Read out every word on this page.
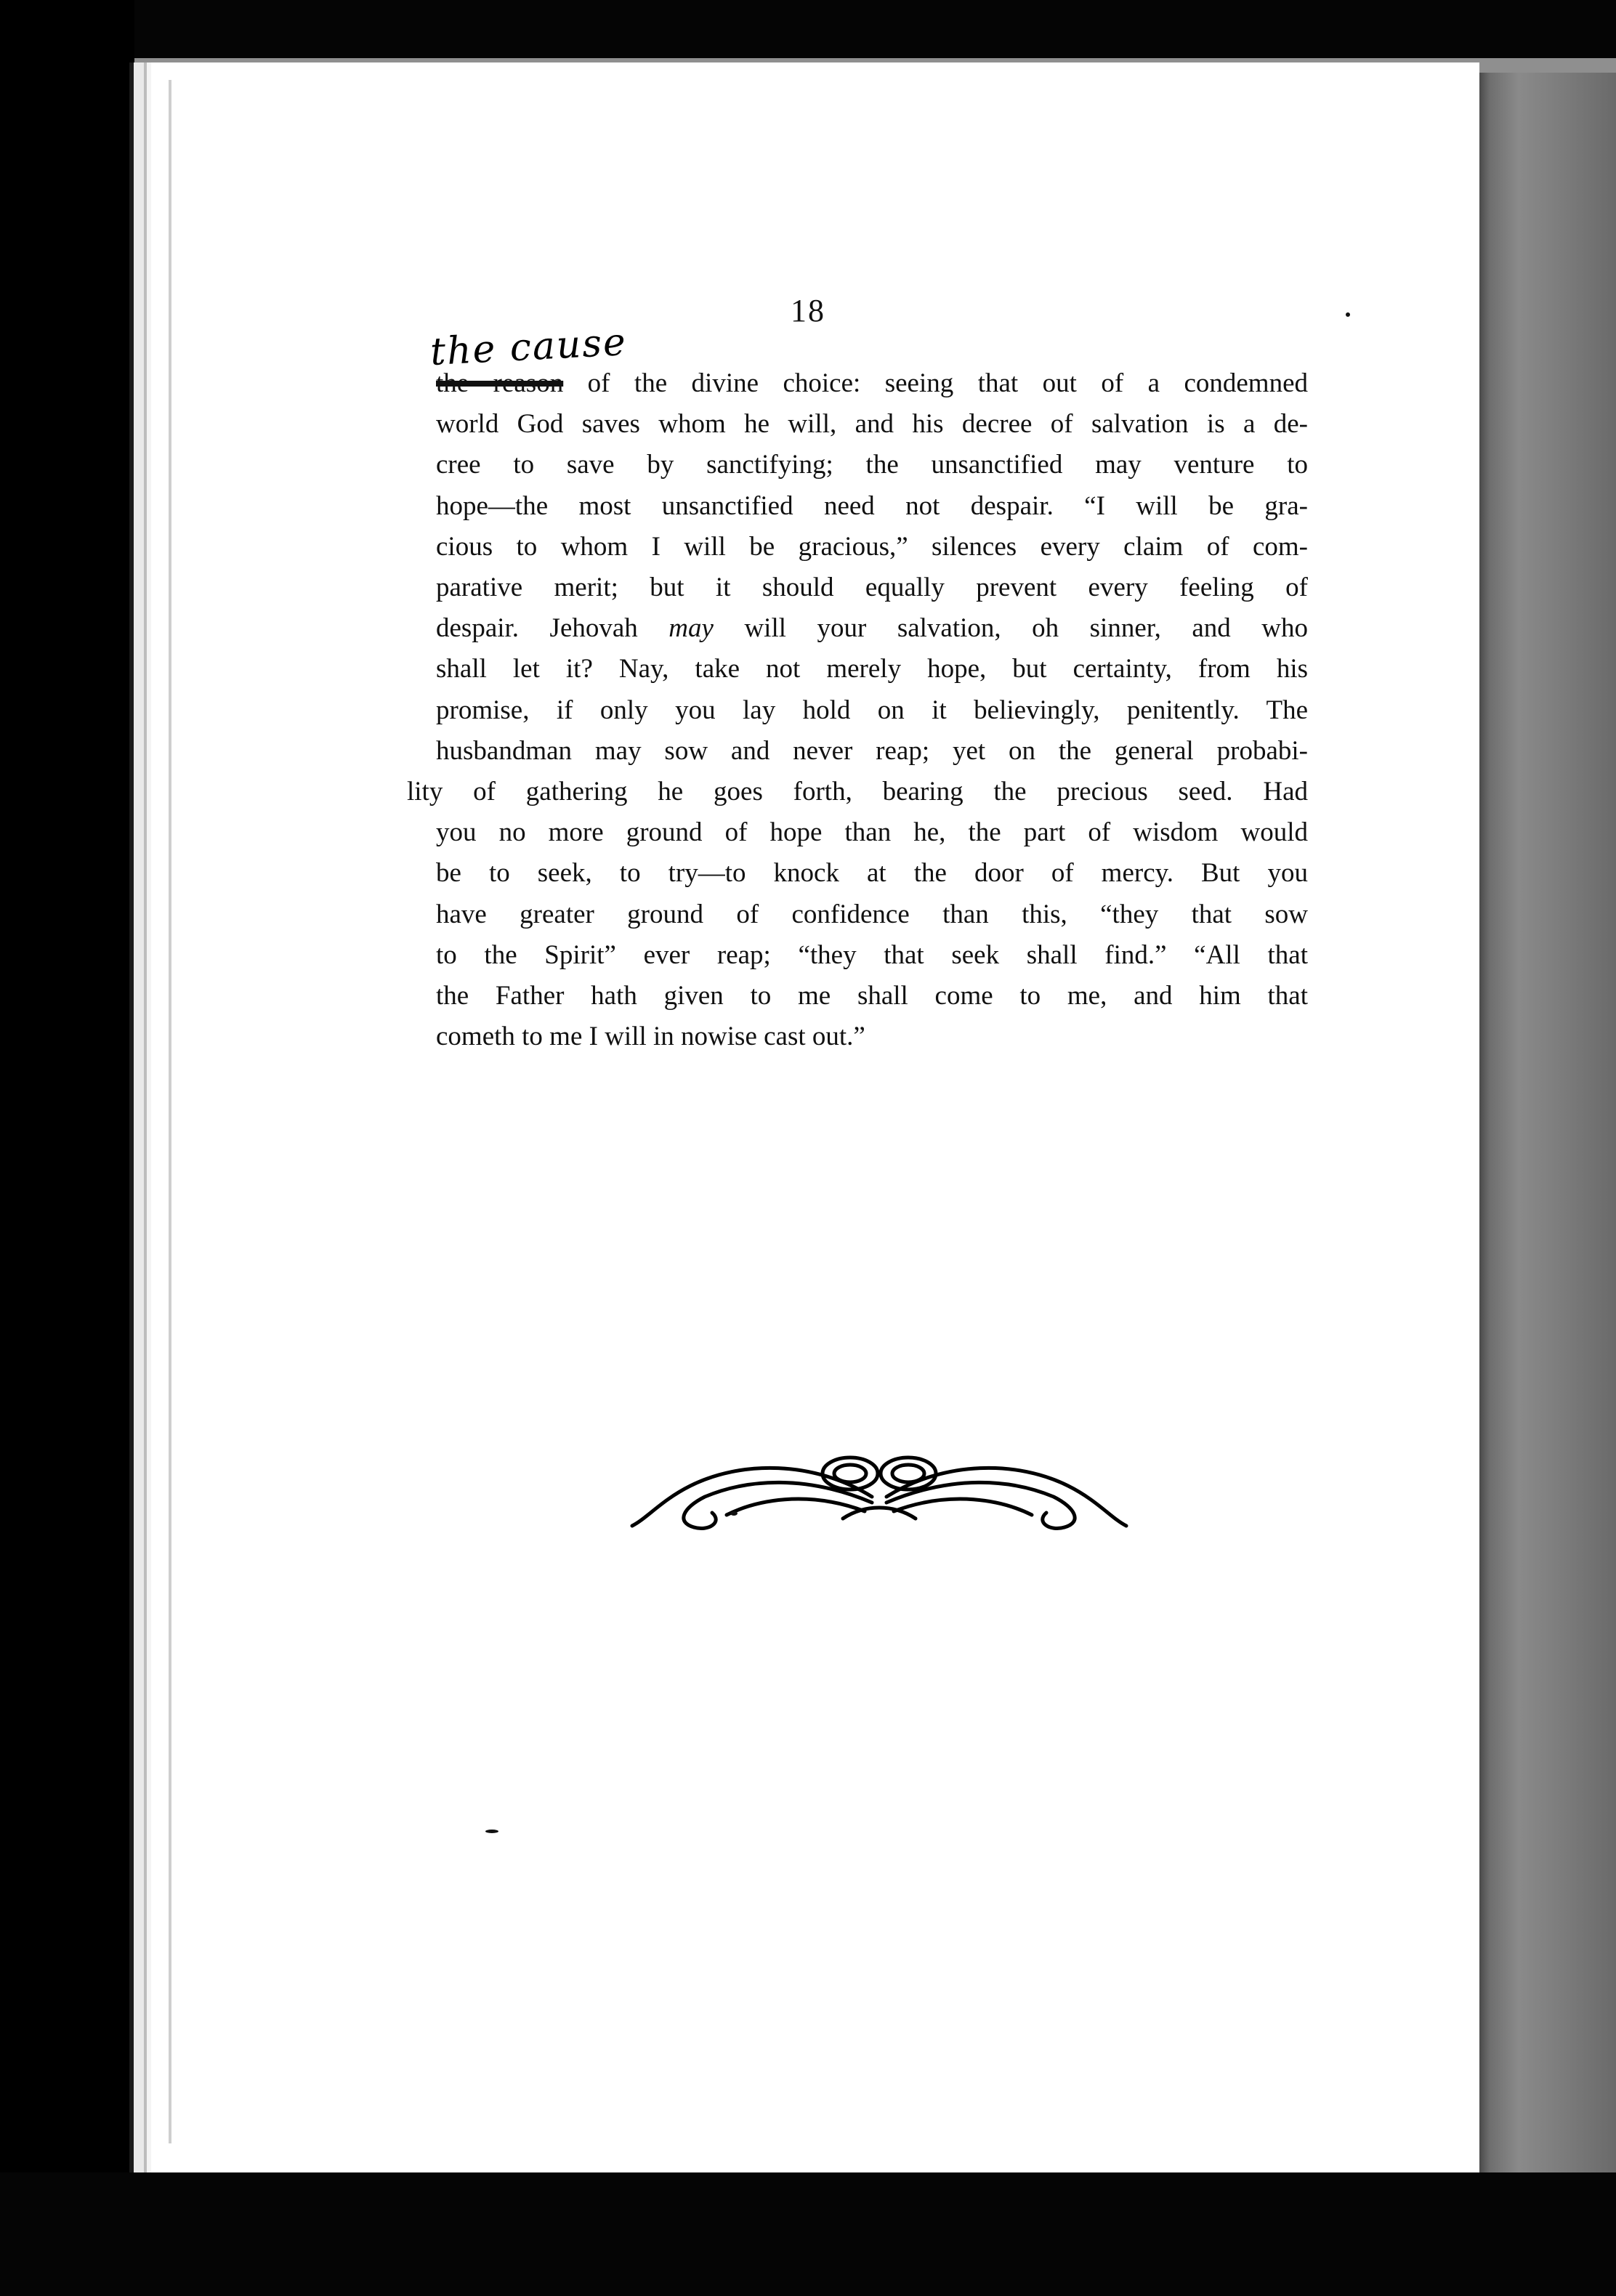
18
the cause
the reason of the divine choice: seeing that out of a condemned
world God saves whom he will, and his decree of salvation is a de-
cree to save by sanctifying; the unsanctified may venture to
hope—the most unsanctified need not despair. “I will be gra-
cious to whom I will be gracious,” silences every claim of com-
parative merit; but it should equally prevent every feeling of
despair. Jehovah may will your salvation, oh sinner, and who
shall let it? Nay, take not merely hope, but certainty, from his
promise, if only you lay hold on it believingly, penitently. The
husbandman may sow and never reap; yet on the general probabi-
lity of gathering he goes forth, bearing the precious seed. Had
you no more ground of hope than he, the part of wisdom would
be to seek, to try—to knock at the door of mercy. But you
have greater ground of confidence than this, “they that sow
to the Spirit” ever reap; “they that seek shall find.” “All that
the Father hath given to me shall come to me, and him that
cometh to me I will in nowise cast out.”
